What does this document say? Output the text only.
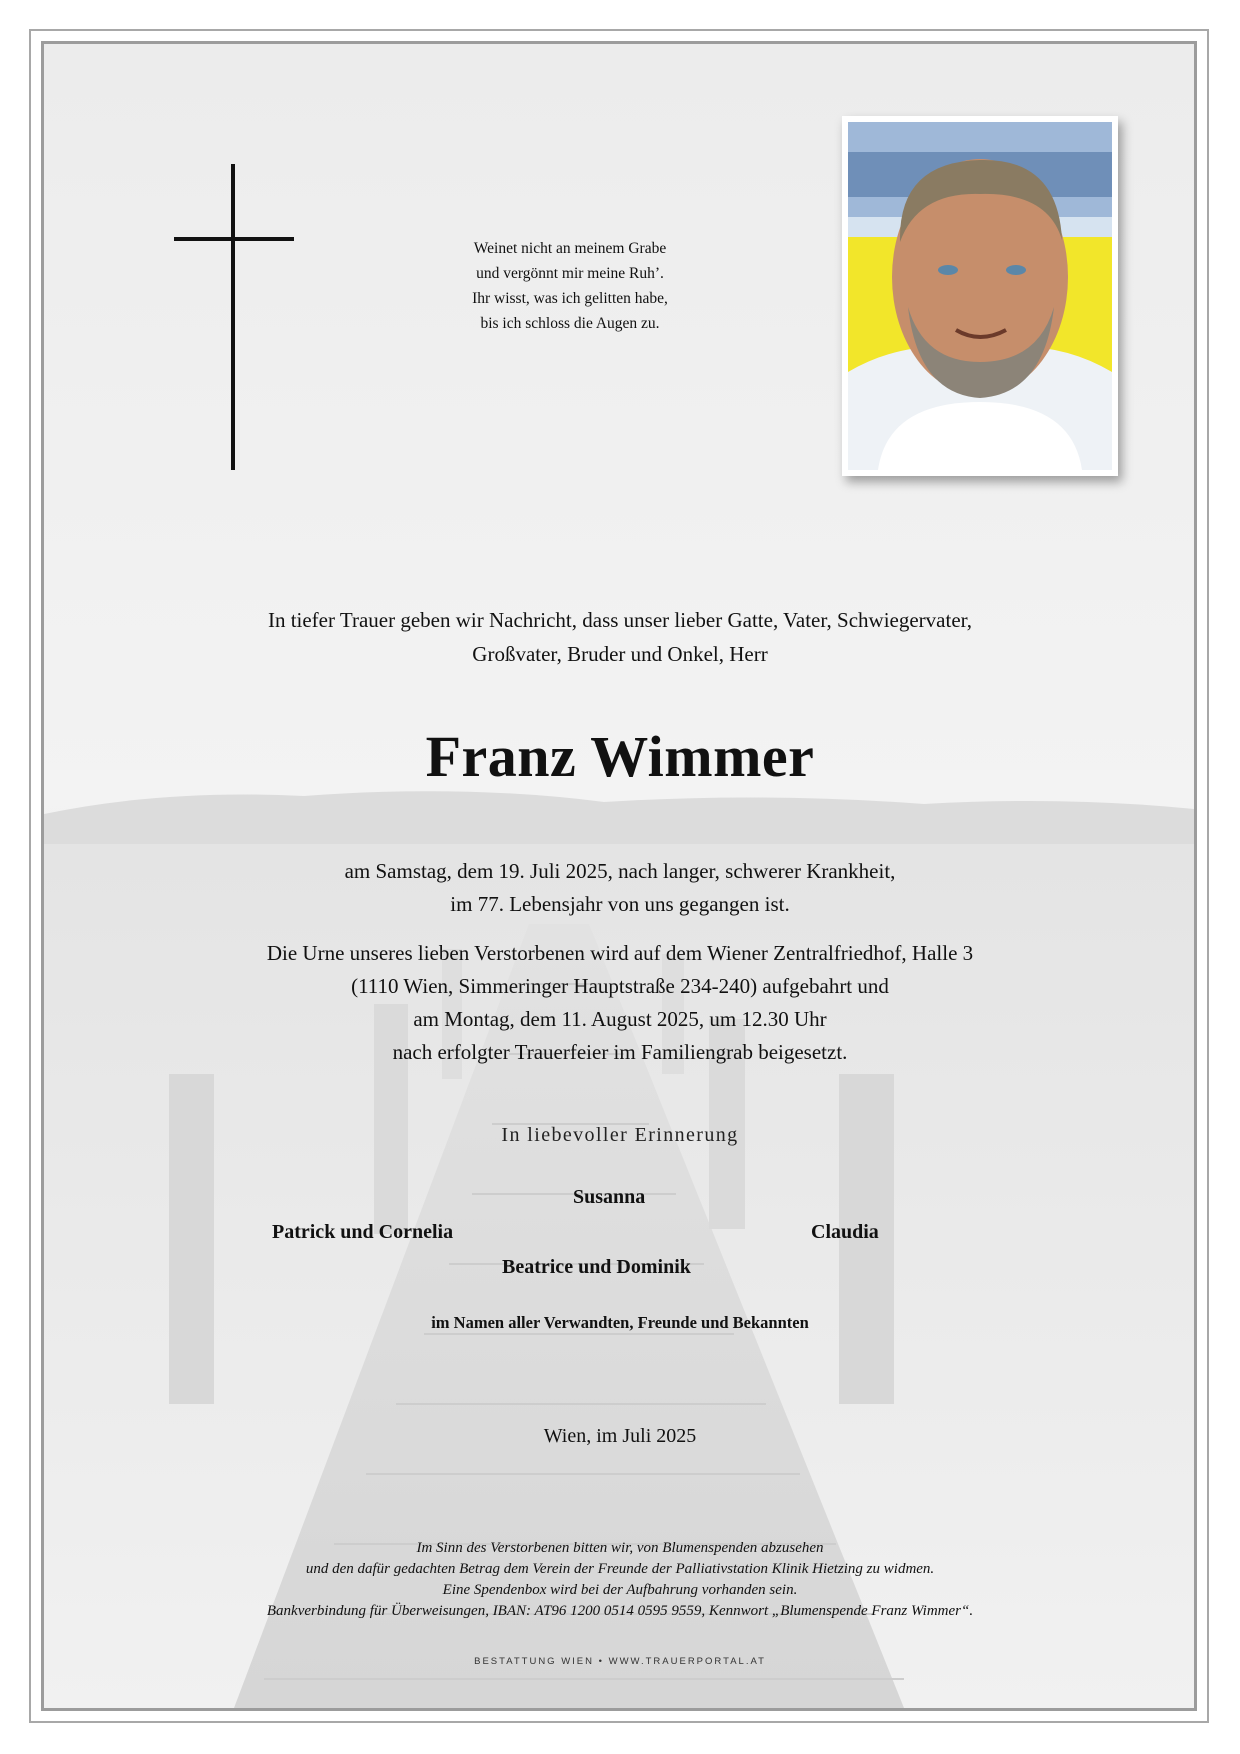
Weinet nicht an meinem Grabe
und vergönnt mir meine Ruh’.
Ihr wisst, was ich gelitten habe,
bis ich schloss die Augen zu.
In tiefer Trauer geben wir Nachricht, dass unser lieber Gatte, Vater, Schwiegervater,
Großvater, Bruder und Onkel, Herr
Franz Wimmer
am Samstag, dem 19. Juli 2025, nach langer, schwerer Krankheit,
im 77. Lebensjahr von uns gegangen ist.
Die Urne unseres lieben Verstorbenen wird auf dem Wiener Zentralfriedhof, Halle 3
(1110 Wien, Simmeringer Hauptstraße 234-240) aufgebahrt und
am Montag, dem 11. August 2025, um 12.30 Uhr
nach erfolgter Trauerfeier im Familiengrab beigesetzt.
In liebevoller Erinnerung
Susanna
Patrick und Cornelia	Claudia
Beatrice und Dominik
im Namen aller Verwandten, Freunde und Bekannten
Wien, im Juli 2025
Im Sinn des Verstorbenen bitten wir, von Blumenspenden abzusehen
und den dafür gedachten Betrag dem Verein der Freunde der Palliativstation Klinik Hietzing zu widmen.
Eine Spendenbox wird bei der Aufbahrung vorhanden sein.
Bankverbindung für Überweisungen, IBAN: AT96 1200 0514 0595 9559, Kennwort „Blumenspende Franz Wimmer“.
BESTATTUNG WIEN • WWW.TRAUERPORTAL.AT
